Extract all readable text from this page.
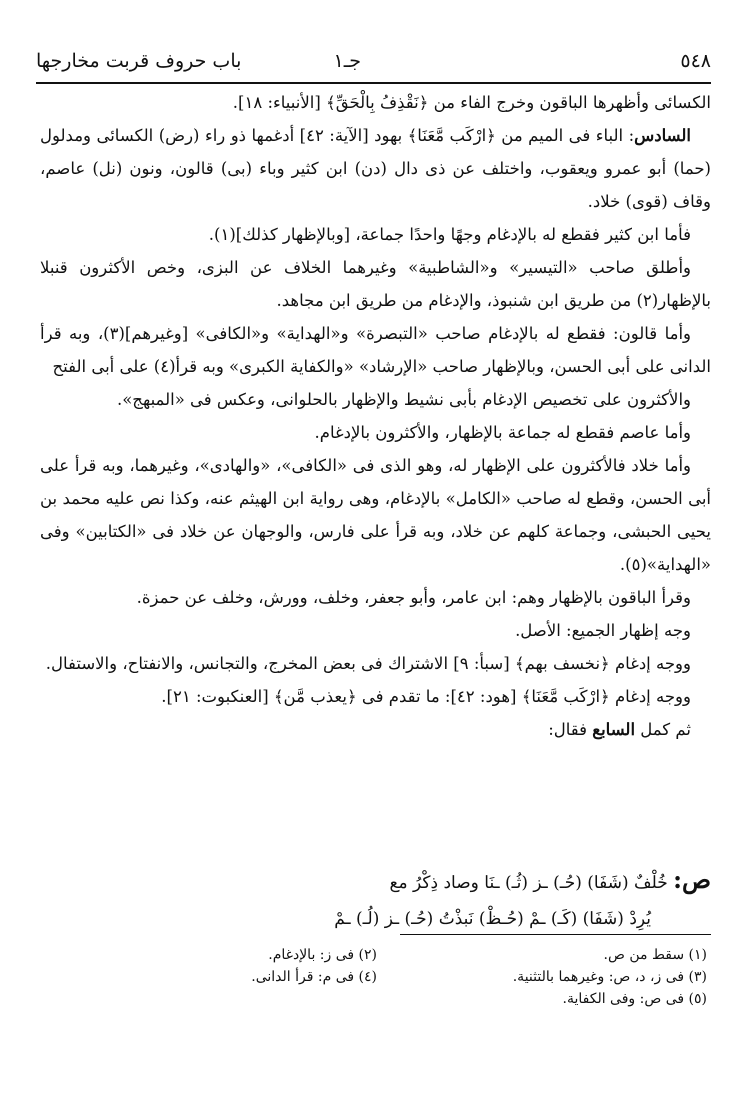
٥٤٨
جـ١
باب حروف قربت مخارجها

الكسائى وأظهرها الباقون وخرج الفاء من ﴿نَقْذِفُ بِالْحَقِّ﴾ [الأنبياء: ١٨].

السادس: الباء فى الميم من ﴿ارْكَب مَّعَنَا﴾ بهود [الآية: ٤٢] أدغمها ذو راء (رض) الكسائى ومدلول (حما) أبو عمرو ويعقوب، واختلف عن ذى دال (دن) ابن كثير وباء (بى) قالون، ونون (نل) عاصم، وقاف (قوى) خلاد.

فأما ابن كثير فقطع له بالإدغام وجهًا واحدًا جماعة، [وبالإظهار كذلك](١).

وأطلق صاحب «التيسير» و«الشاطبية» وغيرهما الخلاف عن البزى، وخص الأكثرون قنبلا بالإظهار(٢) من طريق ابن شنبوذ، والإدغام من طريق ابن مجاهد.

وأما قالون: فقطع له بالإدغام صاحب «التبصرة» و«الهداية» و«الكافى» [وغيرهم](٣)، وبه قرأ الدانى على أبى الحسن، وبالإظهار صاحب «الإرشاد» «والكفاية الكبرى» وبه قرأ(٤) على أبى الفتح

والأكثرون على تخصيص الإدغام بأبى نشيط والإظهار بالحلوانى، وعكس فى «المبهج».

وأما عاصم فقطع له جماعة بالإظهار، والأكثرون بالإدغام.

وأما خلاد فالأكثرون على الإظهار له، وهو الذى فى «الكافى»، «والهادى»، وغيرهما، وبه قرأ على أبى الحسن، وقطع له صاحب «الكامل» بالإدغام، وهى رواية ابن الهيثم عنه، وكذا نص عليه محمد بن يحيى الحبشى، وجماعة كلهم عن خلاد، وبه قرأ على فارس، والوجهان عن خلاد فى «الكتابين» وفى «الهداية»(٥).

وقرأ الباقون بالإظهار وهم: ابن عامر، وأبو جعفر، وخلف، وورش، وخلف عن حمزة.

وجه إظهار الجميع: الأصل.

ووجه إدغام ﴿نخسف بهم﴾ [سبأ: ٩] الاشتراك فى بعض المخرج، والتجانس، والانفتاح، والاستفال.

ووجه إدغام ﴿ارْكَب مَّعَنَا﴾ [هود: ٤٢]: ما تقدم فى ﴿يعذب مَّن﴾ [العنكبوت: ٢١].

ثم كمل السابع فقال:

ص: خُلْفٌ (شَفَا) (حُـ) ـز (ثُـ) ـنَا وصاد ذِكْرُ مع
يُرِدْ (شَفَا) (كَـ) ـمْ (حُـظْ) نَبذْتُ (حُـ) ـز (لُـ) ـمْ
(١) سقط من ص.
(٢) فى ز: بالإدغام.
(٣) فى ز، د، ص: وغيرهما بالتثنية.
(٤) فى م: قرأ الدانى.
(٥) فى ص: وفى الكفاية.
